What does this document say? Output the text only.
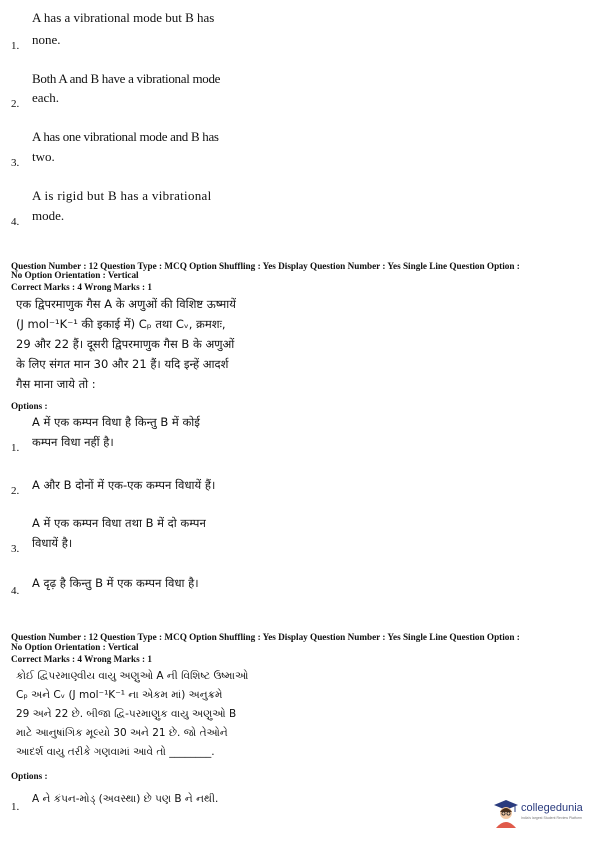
A has a vibrational mode but B has
1. none.
Both A and B have a vibrational mode
2. each.
A has one vibrational mode and B has
3. two.
A is rigid but B has a vibrational
4. mode.
Question Number : 12 Question Type : MCQ Option Shuffling : Yes Display Question Number : Yes Single Line Question Option :
No Option Orientation : Vertical
Correct Marks : 4 Wrong Marks : 1
एक द्विपरमाणुक गैस A के अणुओं की विशिष्ट ऊष्मायें
(J mol⁻¹K⁻¹ की इकाई में) Cₚ तथा Cᵥ, क्रमशः,
29 और 22 हैं। दूसरी द्विपरमाणुक गैस B के अणुओं
के लिए संगत मान 30 और 21 हैं। यदि इन्हें आदर्श
गैस माना जाये तो :
Options :
A में एक कम्पन विधा है किन्तु B में कोई
1. कम्पन विधा नहीं है।
2. A और B दोनों में एक-एक कम्पन विधायें हैं।
A में एक कम्पन विधा तथा B में दो कम्पन
3. विधायें है।
4.
A दृढ़ है किन्तु B में एक कम्पन विधा है।
Question Number : 12 Question Type : MCQ Option Shuffling : Yes Display Question Number : Yes Single Line Question Option :
No Option Orientation : Vertical
Correct Marks : 4 Wrong Marks : 1
કોઈ દ્વિપરમાણ્વીય વાયુ અણુઓ A ની વિશિષ્ટ ઉષ્માઓ
Cₚ અને Cᵥ (J mol⁻¹K⁻¹ ના એકમ માં) અનુક્રમે
29 અને 22 છે. બીજા દ્વિ-પરમાણુક વાયુ અણુઓ B
માટે આનુષાંગિક મૂલ્યો 30 અને 21 છે. જો તેઓને
આદર્શ વાયુ તરીકે ગણવામાં આવે તો ________.
Options :
1.
A ને કંપન-મોડ્ (અવસ્થા) છે પણ B ને નથી.
collegedunia
India's largest Student Review Platform
